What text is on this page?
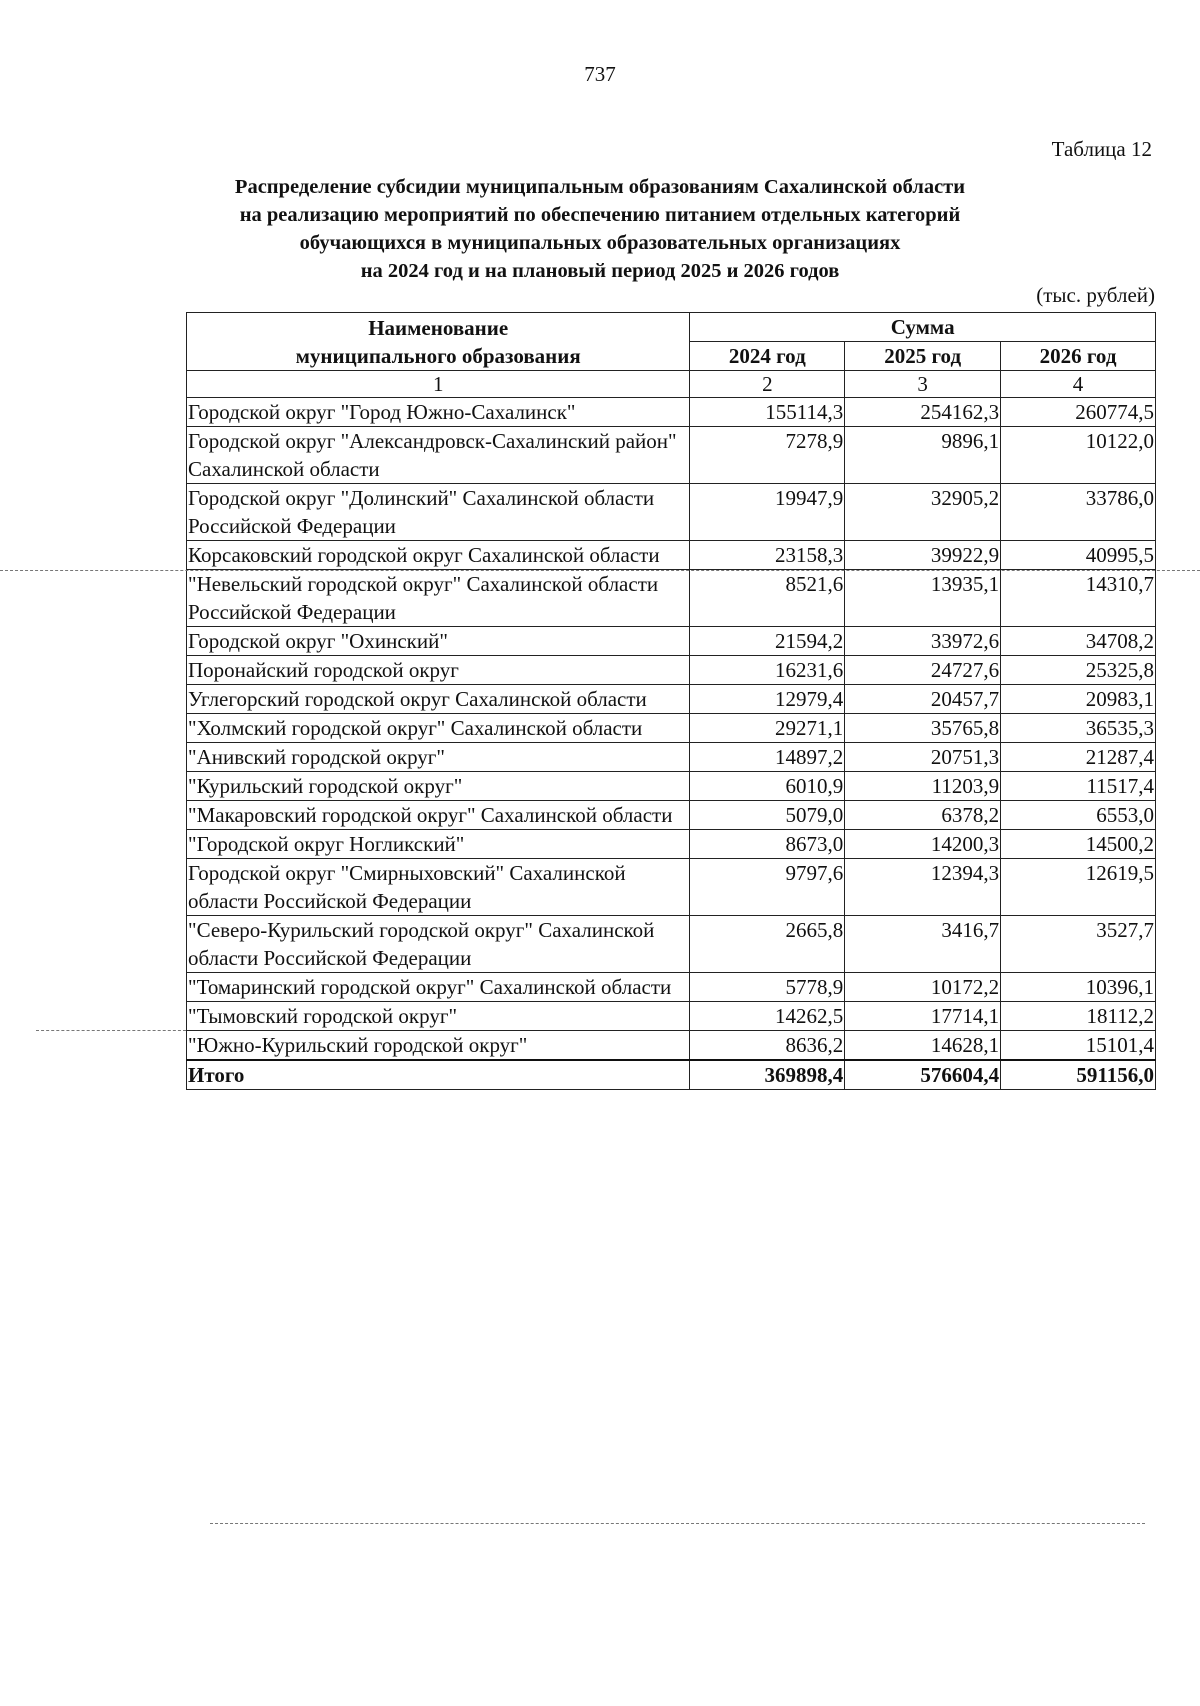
737
Таблица 12
Распределение субсидии муниципальным образованиям Сахалинской области
на реализацию мероприятий по обеспечению питанием отдельных категорий
обучающихся в муниципальных образовательных организациях
на 2024 год и на плановый период 2025 и 2026 годов
(тыс. рублей)
Наименование
муниципального образования	Сумма		
	2024 год	2025 год	2026 год
1	2	3	4
Городской округ "Город Южно-Сахалинск"	155114,3	254162,3	260774,5
Городской округ "Александровск-Сахалинский район" Сахалинской области	7278,9	9896,1	10122,0
Городской округ "Долинский" Сахалинской области Российской Федерации	19947,9	32905,2	33786,0
Корсаковский городской округ Сахалинской области	23158,3	39922,9	40995,5
"Невельский городской округ" Сахалинской области Российской Федерации	8521,6	13935,1	14310,7
Городской округ "Охинский"	21594,2	33972,6	34708,2
Поронайский городской округ	16231,6	24727,6	25325,8
Углегорский городской округ Сахалинской области	12979,4	20457,7	20983,1
"Холмский городской округ" Сахалинской области	29271,1	35765,8	36535,3
"Анивский городской округ"	14897,2	20751,3	21287,4
"Курильский городской округ"	6010,9	11203,9	11517,4
"Макаровский городской округ" Сахалинской области	5079,0	6378,2	6553,0
"Городской округ Ногликский"	8673,0	14200,3	14500,2
Городской округ "Смирныховский" Сахалинской области Российской Федерации	9797,6	12394,3	12619,5
"Северо-Курильский городской округ" Сахалинской области Российской Федерации	2665,8	3416,7	3527,7
"Томаринский городской округ" Сахалинской области	5778,9	10172,2	10396,1
"Тымовский городской округ"	14262,5	17714,1	18112,2
"Южно-Курильский городской округ"	8636,2	14628,1	15101,4
Итого	369898,4	576604,4	591156,0
